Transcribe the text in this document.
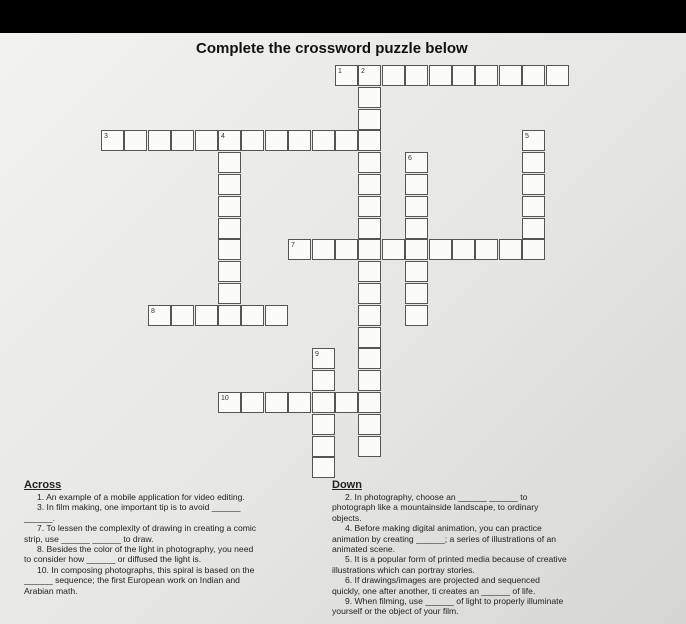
Complete the crossword puzzle below
1	2
3	4	5
6
7
8
9
10
Across
1. An example of a mobile application for video editing.
3. In film making, one important tip is to avoid ______
______.
7. To lessen the complexity of drawing in creating a comic
strip, use ______ ______ to draw.
8. Besides the color of the light in photography, you need
to consider how ______ or diffused the light is.
10. In composing photographs, this spiral is based on the
______ sequence; the first European work on Indian and
Arabian math.
Down
2. In photography, choose an ______ ______ to
photograph like a mountainside landscape, to ordinary
objects.
4. Before making digital animation, you can practice
animation by creating ______; a series of illustrations of an
animated scene.
5. It is a popular form of printed media because of creative
illustrations which can portray stories.
6. If drawings/images are projected and sequenced
quickly, one after another, ti creates an ______ of life.
9. When filming, use ______ of light to properly illuminate
yourself or the object of your film.
